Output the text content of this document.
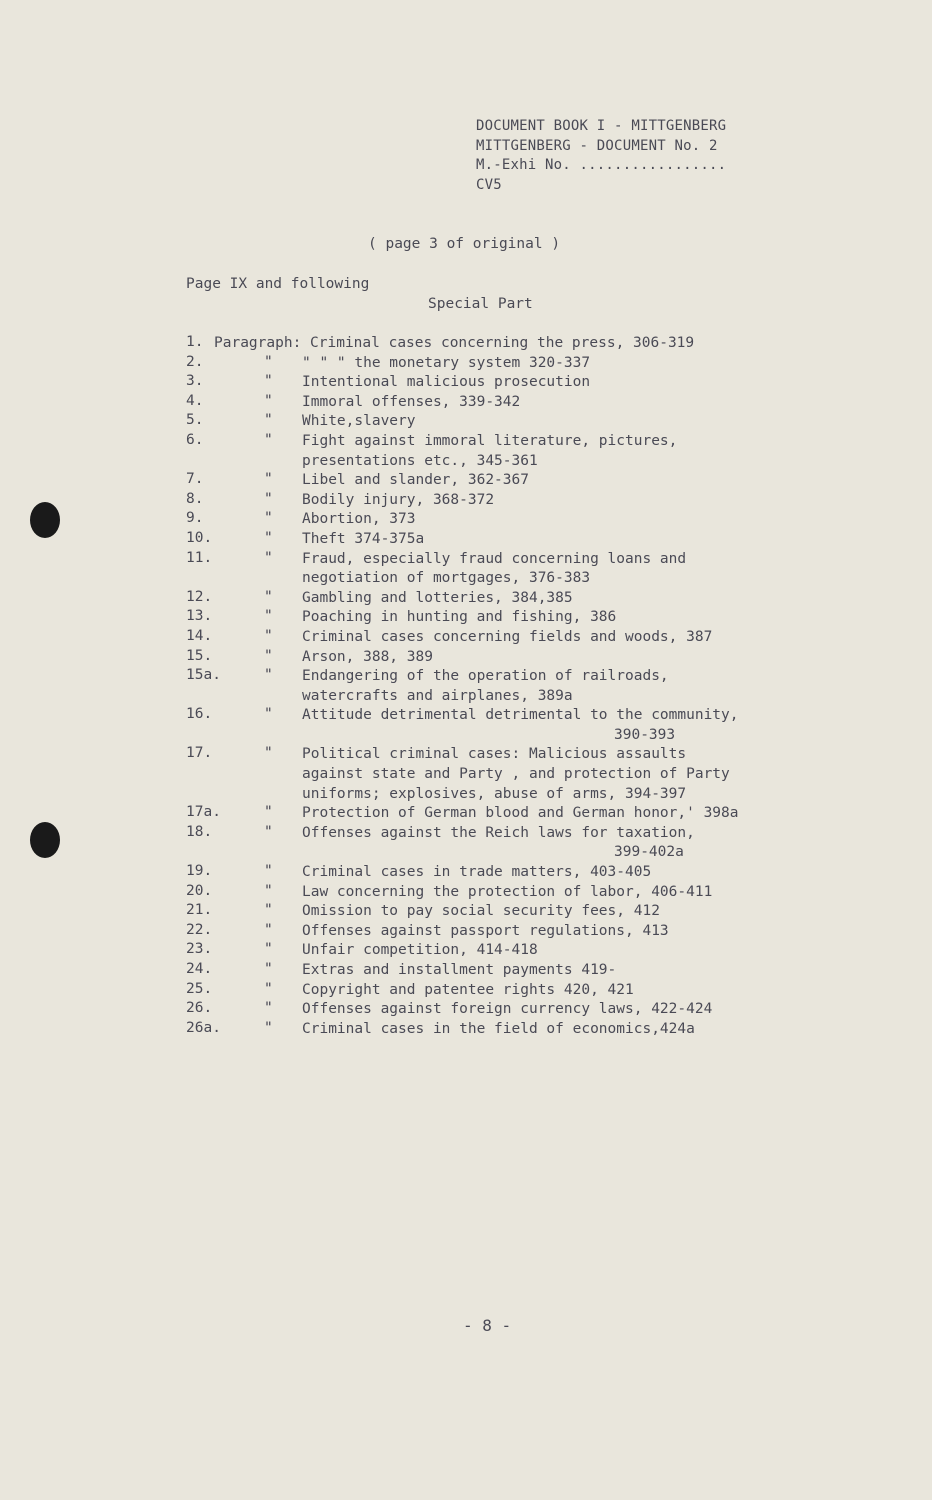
DOCUMENT BOOK I - MITTGENBERG
MITTGENBERG - DOCUMENT No. 2
M.-Exhi No. .................
CV5
( page 3 of original )
Page IX and following
Special Part
1. Paragraph: Criminal cases concerning the press, 306-319
2.	" " " " the monetary system 320-337
3.	" Intentional malicious prosecution
4.	" Immoral offenses, 339-342
5.	" White,slavery
6.	" Fight against immoral literature, pictures,
presentations etc., 345-361
7.	" Libel and slander, 362-367
8.	" Bodily injury, 368-372
9.	" Abortion, 373
10.	" Theft 374-375a
11.	" Fraud, especially fraud concerning loans and
negotiation of mortgages, 376-383
12.	" Gambling and lotteries, 384,385
13.	" Poaching in hunting and fishing, 386
14.	" Criminal cases concerning fields and woods, 387
15.	" Arson, 388, 389
15a.	" Endangering of the operation of railroads,
watercrafts and airplanes, 389a
16.	" Attitude detrimental detrimental to the community,
390-393
17.	" Political criminal cases: Malicious assaults
against state and Party , and protection of Party
uniforms; explosives, abuse of arms, 394-397
17a.	" Protection of German blood and German honor,' 398a
18.	" Offenses against the Reich laws for taxation,
399-402a
19.	" Criminal cases in trade matters, 403-405
20.	" Law concerning the protection of labor, 406-411
21.	" Omission to pay social security fees, 412
22.	" Offenses against passport regulations, 413
23.	" Unfair competition, 414-418
24.	" Extras and installment payments 419-
25.	" Copyright and patentee rights 420, 421
26.	" Offenses against foreign currency laws, 422-424
26a.	" Criminal cases in the field of economics,424a
- 8 -
